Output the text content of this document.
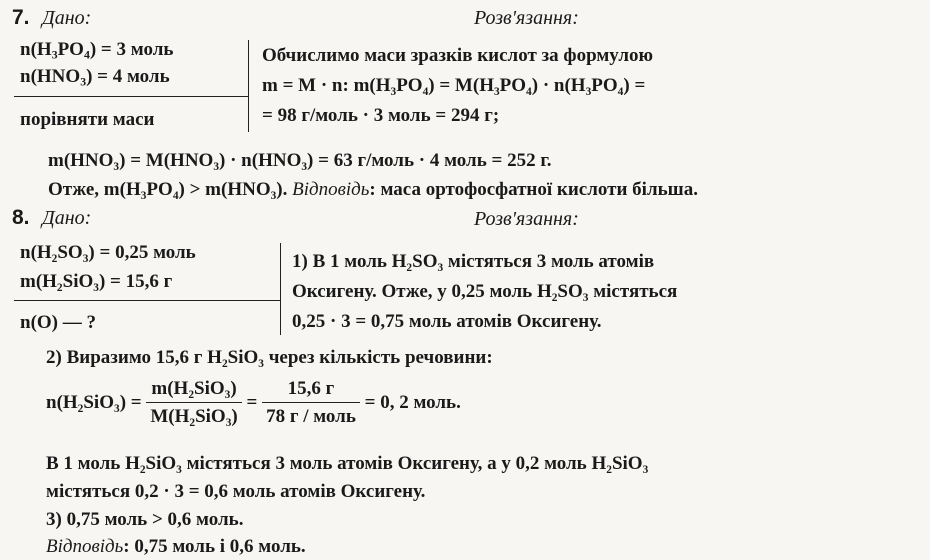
7. Дано:	Розв'язання:
$n(H_3PO_4) = 3$ моль
$n(HNO_3) = 4$ моль
порівняти маси
Обчислимо маси зразків кислот за формулою
m = M · n: m(H₃PO₄) = M(H₃PO₄) · n(H₃PO₄) =
= 98 г/моль · 3 моль = 294 г;
m(HNO₃) = M(HNO₃) · n(HNO₃) = 63 г/моль · 4 моль = 252 г.
Отже, m(H₃PO₄) > m(HNO₃). Відповідь: маса ортофосфатної кислоти більша.
8. Дано:	Розв'язання:
n(H₂SO₃) = 0,25 моль
m(H₂SiO₃) = 15,6 г
n(O) — ?
1) В 1 моль H₂SO₃ містяться 3 моль атомів
Оксигену. Отже, у 0,25 моль H₂SO₃ містяться
0,25 · 3 = 0,75 моль атомів Оксигену.
2) Виразимо 15,6 г H₂SiO₃ через кількість речовини:
$n(H_2SiO_3) = \frac{\text{m(H₂SiO₃)}}{\text{M(H₂SiO₃)}} = \frac{15,6 г}{\text{78 г / моль}} = 0$, 2 моль.
В 1 моль H₂SiO₃ містяться 3 моль атомів Оксигену, а у 0,2 моль H₂SiO₃
містяться 0,2 · 3 = 0,6 моль атомів Оксигену.
3) 0,75 моль > 0,6 моль.
Відповідь: 0,75 моль і 0,6 моль.
